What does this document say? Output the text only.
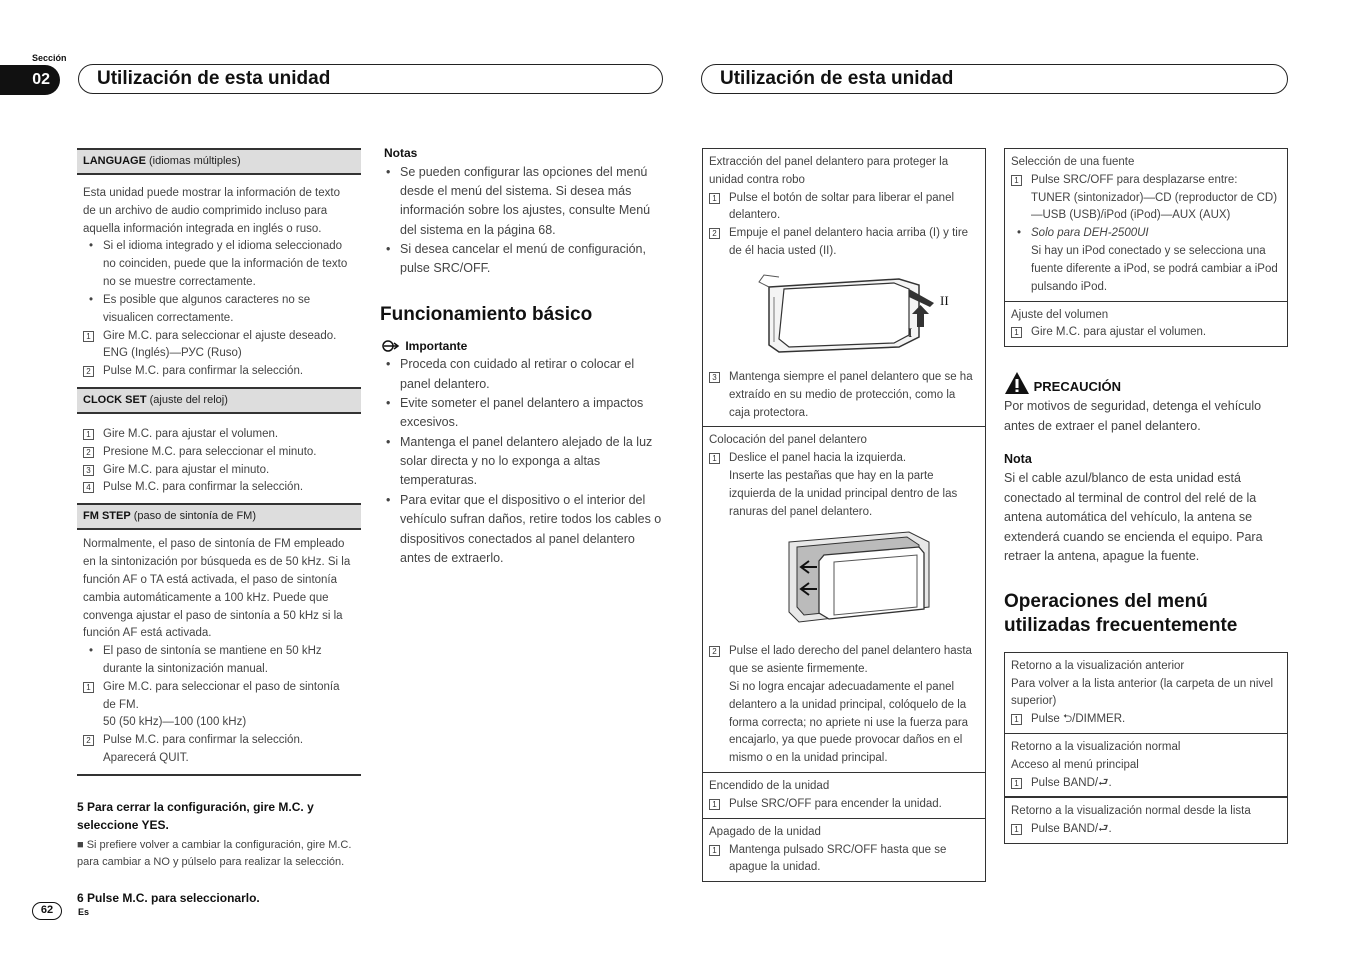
Sección
02	Utilización de esta unidad	Utilización de esta unidad
LANGUAGE (idiomas múltiples)
Esta unidad puede mostrar la información de texto de un archivo de audio comprimido incluso para aquella información integrada en inglés o ruso.
• Si el idioma integrado y el idioma seleccionado no coinciden, puede que la información de texto no se muestre correctamente.
• Es posible que algunos caracteres no se visualicen correctamente.
1 Gire M.C. para seleccionar el ajuste deseado.
ENG (Inglés)—РУС (Ruso)
2 Pulse M.C. para confirmar la selección.
CLOCK SET (ajuste del reloj)
1 Gire M.C. para ajustar el volumen.
2 Presione M.C. para seleccionar el minuto.
3 Gire M.C. para ajustar el minuto.
4 Pulse M.C. para confirmar la selección.
FM STEP (paso de sintonía de FM)
Normalmente, el paso de sintonía de FM empleado en la sintonización por búsqueda es de 50 kHz. Si la función AF o TA está activada, el paso de sintonía cambia automáticamente a 100 kHz. Puede que convenga ajustar el paso de sintonía a 50 kHz si la función AF está activada.
• El paso de sintonía se mantiene en 50 kHz durante la sintonización manual.
1 Gire M.C. para seleccionar el paso de sintonía de FM.
50 (50 kHz)—100 (100 kHz)
2 Pulse M.C. para confirmar la selección.
Aparecerá QUIT.
5 Para cerrar la configuración, gire M.C. y seleccione YES.
■ Si prefiere volver a cambiar la configuración, gire M.C. para cambiar a NO y púlselo para realizar la selección.
6 Pulse M.C. para seleccionarlo.
Notas
• Se pueden configurar las opciones del menú desde el menú del sistema. Si desea más información sobre los ajustes, consulte Menú del sistema en la página 68.
• Si desea cancelar el menú de configuración, pulse SRC/OFF.
Funcionamiento básico
Importante
• Proceda con cuidado al retirar o colocar el panel delantero.
• Evite someter el panel delantero a impactos excesivos.
• Mantenga el panel delantero alejado de la luz solar directa y no lo exponga a altas temperaturas.
• Para evitar que el dispositivo o el interior del vehículo sufran daños, retire todos los cables o dispositivos conectados al panel delantero antes de extraerlo.
Extracción del panel delantero para proteger la unidad contra robo
1 Pulse el botón de soltar para liberar el panel delantero.
2 Empuje el panel delantero hacia arriba (I) y tire de él hacia usted (II).
II
I
3 Mantenga siempre el panel delantero que se ha extraído en su medio de protección, como la caja protectora.
Colocación del panel delantero
1 Deslice el panel hacia la izquierda.
Inserte las pestañas que hay en la parte izquierda de la unidad principal dentro de las ranuras del panel delantero.
2 Pulse el lado derecho del panel delantero hasta que se asiente firmemente.
Si no logra encajar adecuadamente el panel delantero a la unidad principal, colóquelo de la forma correcta; no apriete ni use la fuerza para encajarlo, ya que puede provocar daños en el mismo o en la unidad principal.
Encendido de la unidad
1 Pulse SRC/OFF para encender la unidad.
Apagado de la unidad
1 Mantenga pulsado SRC/OFF hasta que se apague la unidad.
Selección de una fuente
1 Pulse SRC/OFF para desplazarse entre:
TUNER (sintonizador)—CD (reproductor de CD)—USB (USB)/iPod (iPod)—AUX (AUX)
• Solo para DEH-2500UI
Si hay un iPod conectado y se selecciona una fuente diferente a iPod, se podrá cambiar a iPod pulsando iPod.
Ajuste del volumen
1 Gire M.C. para ajustar el volumen.
PRECAUCIÓN
Por motivos de seguridad, detenga el vehículo antes de extraer el panel delantero.
Nota
Si el cable azul/blanco de esta unidad está conectado al terminal de control del relé de la antena automática del vehículo, la antena se extenderá cuando se encienda el equipo. Para retraer la antena, apague la fuente.
Operaciones del menú utilizadas frecuentemente
Retorno a la visualización anterior
Para volver a la lista anterior (la carpeta de un nivel superior)
1 Pulse ⮌/DIMMER.
Retorno a la visualización normal
Acceso al menú principal
1 Pulse BAND/⮐.
Retorno a la visualización normal desde la lista
1 Pulse BAND/⮐.
62	Es
